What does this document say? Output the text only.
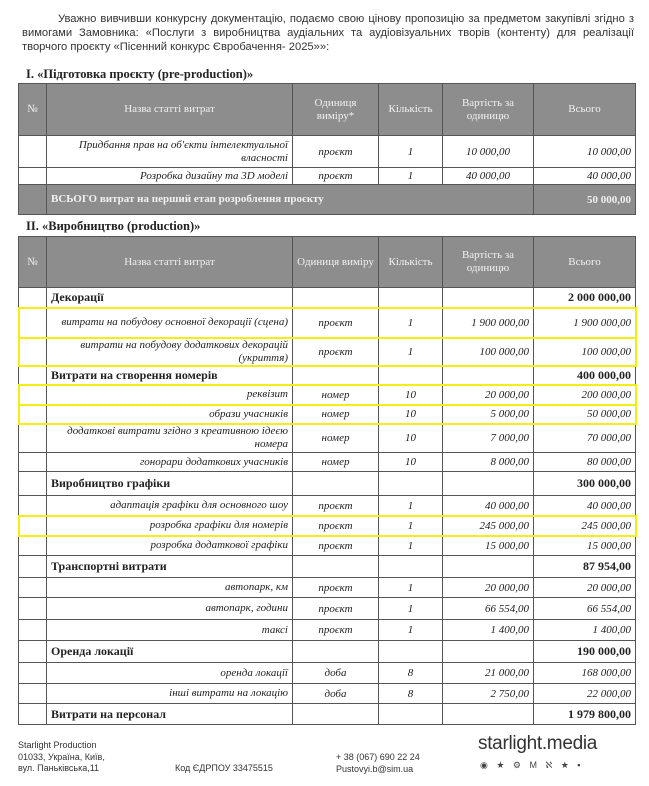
Уважно вивчивши конкурсну документацію, подаємо свою цінову пропозицію за предметом закупівлі згідно з вимогами Замовника: «Послуги з виробництва аудіальних та аудіовізуальних творів (контенту) для реалізації творчого проєкту «Пісенний конкурс Євробачення- 2025»»:

I. «Підготовка проєкту (pre-production)»
№	Назва статті витрат	Одиниця виміру*	Кількість	Вартість за одиницю	Всього
	Придбання прав на об'єкти інтелектуальної власності	проєкт	1	10 000,00	10 000,00
	Розробка дизайну та 3D моделі	проєкт	1	40 000,00	40 000,00
	ВСЬОГО витрат на перший етап розроблення проєкту				50 000,00
II. «Виробництво (production)»
№	Назва статті витрат	Одиниця виміру	Кількість	Вартість за одиницю	Всього
	Декорації				2 000 000,00
	витрати на побудову основної декорації (сцена)	проєкт	1	1 900 000,00	1 900 000,00
	витрати на побудову додаткових декорацій (укриття)	проєкт	1	100 000,00	100 000,00
	Витрати на створення номерів				400 000,00
	реквізит	номер	10	20 000,00	200 000,00
	образи учасників	номер	10	5 000,00	50 000,00
	додаткові витрати згідно з креативною ідеєю номера	номер	10	7 000,00	70 000,00
	гонорари додаткових учасників	номер	10	8 000,00	80 000,00
	Виробництво графіки				300 000,00
	адаптація графіки для основного шоу	проєкт	1	40 000,00	40 000,00
	розробка графіки для номерів	проєкт	1	245 000,00	245 000,00
	розробка додаткової графіки	проєкт	1	15 000,00	15 000,00
	Транспортні витрати				87 954,00
	автопарк, км	проєкт	1	20 000,00	20 000,00
	автопарк, години	проєкт	1	66 554,00	66 554,00
	таксі	проєкт	1	1 400,00	1 400,00
	Оренда локації				190 000,00
	оренда локації	доба	8	21 000,00	168 000,00
	інші витрати на локацію	доба	8	2 750,00	22 000,00
	Витрати на персонал				1 979 800,00
Starlight Production
01033, Україна, Київ,
вул. Паньківська,11	Код ЄДРПОУ 33475515
+ 38 (067) 690 22 24
Pustovyi.b@sim.ua
starlight.media
◉ ★ ⚙ М ℵ ★ ▪
